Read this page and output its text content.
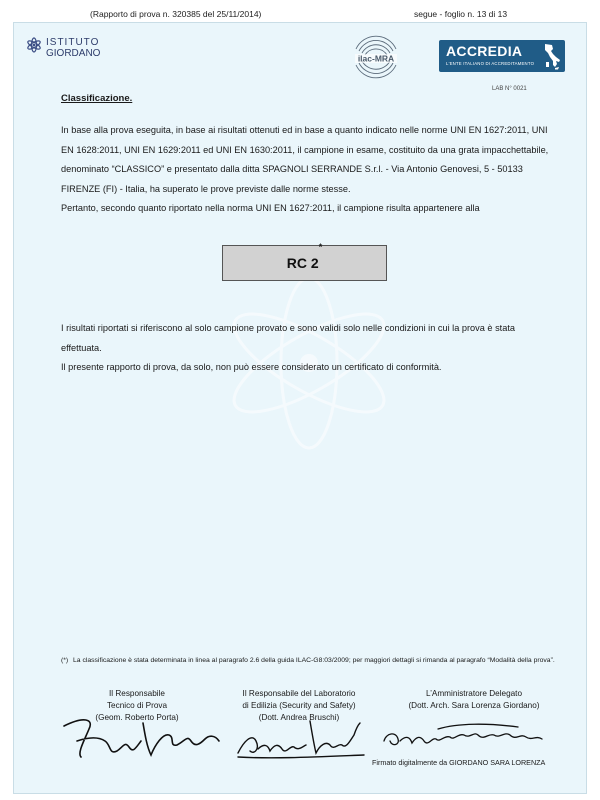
(Rapporto di prova n. 320385 del 25/11/2014)	segue - foglio n. 13 di 13
ISTITUTO
GIORDANO	ilac-MRA	ACCREDIA
L'ENTE ITALIANO DI ACCREDITAMENTO
LAB N° 0021
Classificazione.

In base alla prova eseguita, in base ai risultati ottenuti ed in base a quanto indicato nelle norme UNI EN 1627:2011, UNI EN 1628:2011, UNI EN 1629:2011 ed UNI EN 1630:2011, il campione in esame, costituito da una grata impacchettabile, denominato “CLASSICO” e presentato dalla ditta SPAGNOLI SERRANDE S.r.l. - Via Antonio Genovesi, 5 - 50133 FIRENZE (FI) - Italia, ha superato le prove previste dalle norme stesse.

Pertanto, secondo quanto riportato nella norma UNI EN 1627:2011, il campione risulta appartenere alla

RC 2*

I risultati riportati si riferiscono al solo campione provato e sono validi solo nelle condizioni in cui la prova è stata effettuata.

Il presente rapporto di prova, da solo, non può essere considerato un certificato di conformità.

(*) La classificazione è stata determinata in linea al paragrafo 2.6 della guida ILAC-G8:03/2009; per maggiori dettagli si rimanda al paragrafo “Modalità della prova”.
Il Responsabile
Tecnico di Prova
(Geom. Roberto Porta)
Il Responsabile del Laboratorio
di Edilizia (Security and Safety)
(Dott. Andrea Bruschi)
L’Amministratore Delegato
(Dott. Arch. Sara Lorenza Giordano)
Firmato digitalmente da GIORDANO SARA LORENZA
